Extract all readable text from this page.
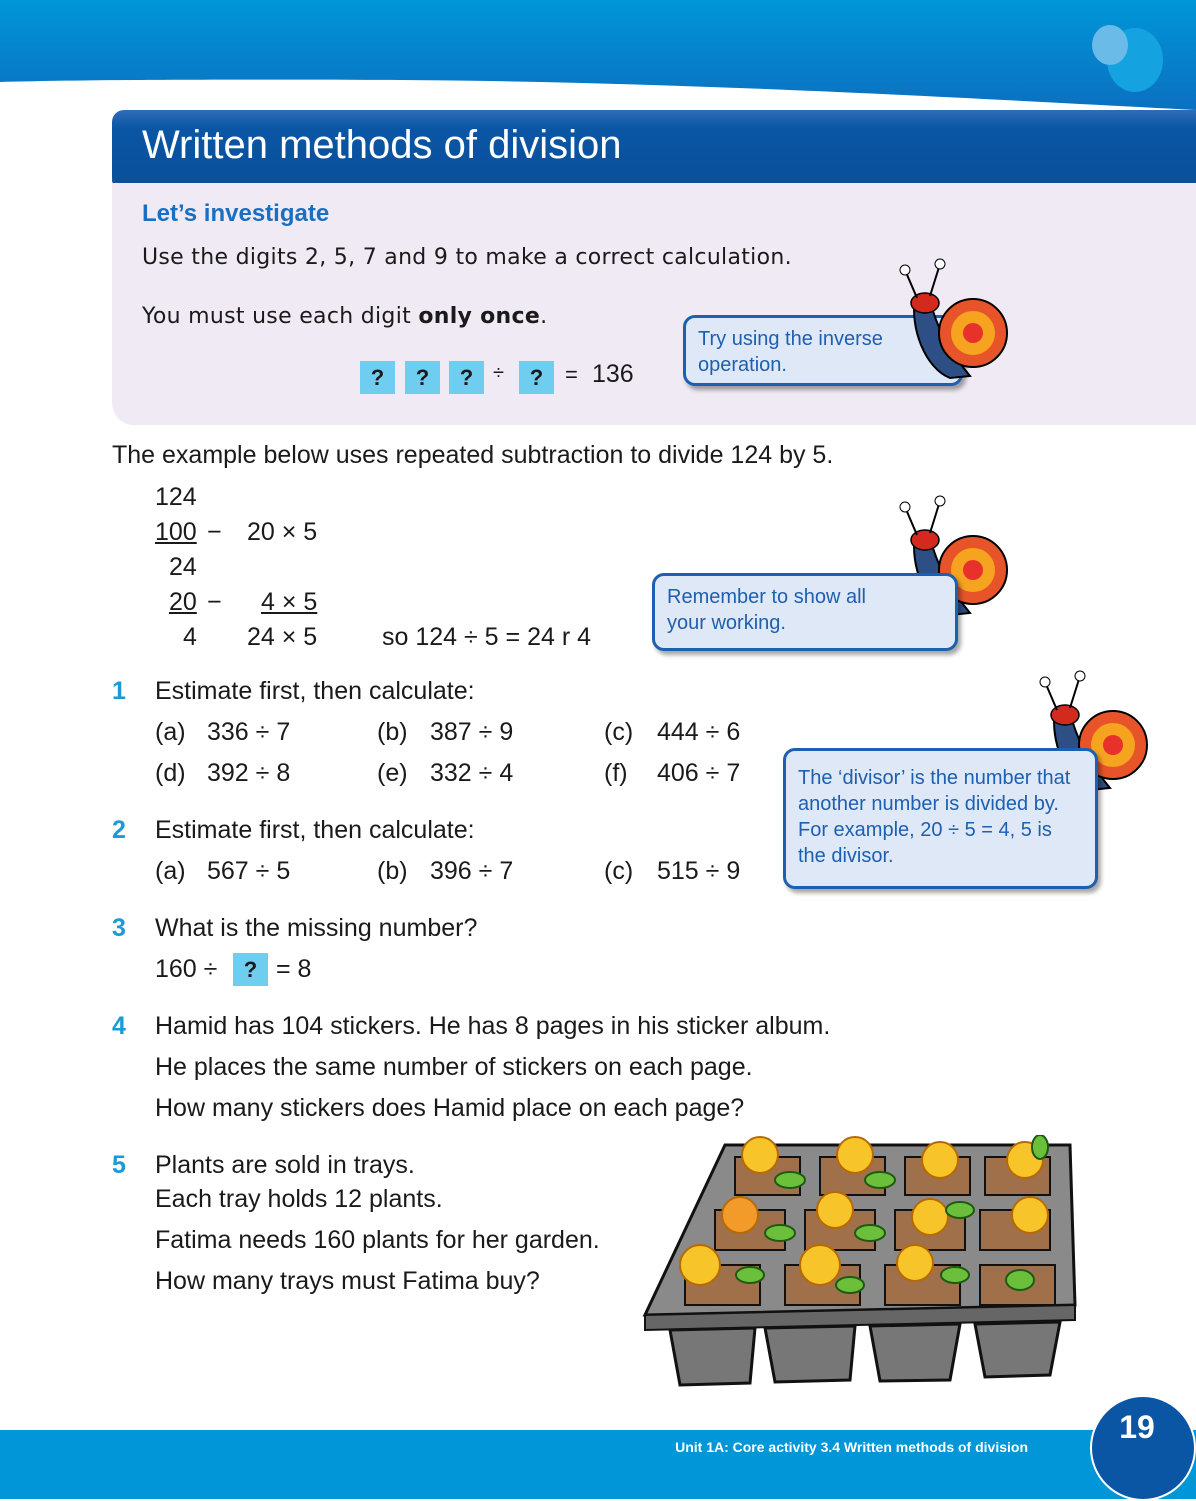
Written methods of division
Let’s investigate
Use the digits 2, 5, 7 and 9 to make a correct calculation.
You must use each digit only once.
?	?	? ÷	? = 136
Try using the inverse operation.
The example below uses repeated subtraction to divide 124 by 5.
124
100 − 20 × 5
24
20 −	4 × 5
4 24 × 5	so 124 ÷ 5 = 24 r 4
Remember to show all your working.
The ‘divisor’ is the number that another number is divided by. For example, 20 ÷ 5 = 4, 5 is the divisor.
1 Estimate first, then calculate:
(a) 336 ÷ 7	(b) 387 ÷ 9	(c) 444 ÷ 6
(d) 392 ÷ 8	(e) 332 ÷ 4	(f) 406 ÷ 7
2 Estimate first, then calculate:
(a) 567 ÷ 5	(b) 396 ÷ 7	(c) 515 ÷ 9
3 What is the missing number?
160 ÷	? = 8
4 Hamid has 104 stickers. He has 8 pages in his sticker album.
He places the same number of stickers on each page.
How many stickers does Hamid place on each page?
5 Plants are sold in trays.
Each tray holds 12 plants.
Fatima needs 160 plants for her garden.
How many trays must Fatima buy?
Unit 1A: Core activity 3.4 Written methods of division
19
